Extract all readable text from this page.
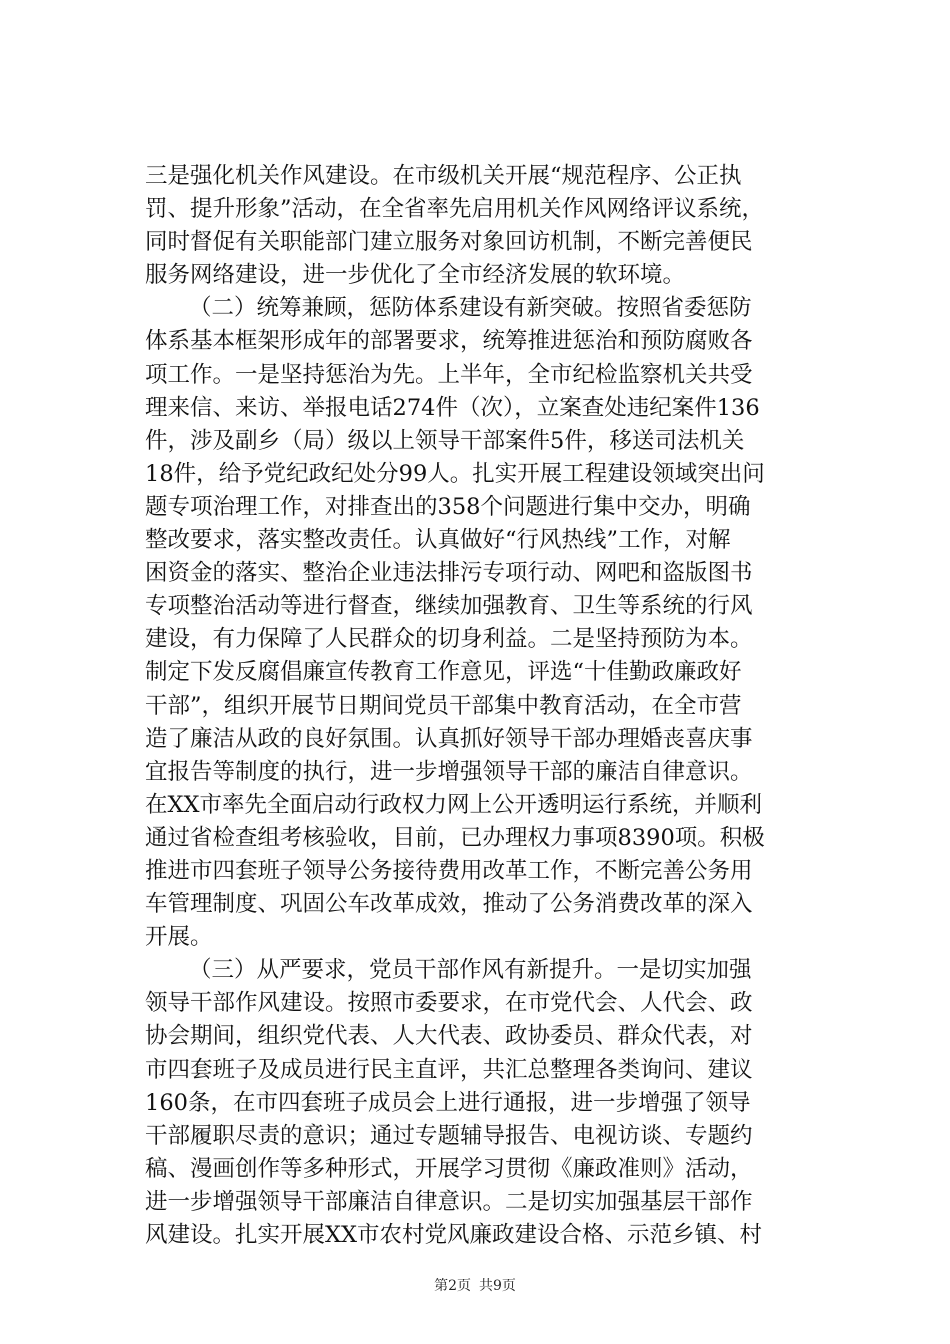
三是强化机关作风建设。在市级机关开展“规范程序、公正执
罚、提升形象”活动，在全省率先启用机关作风网络评议系统，
同时督促有关职能部门建立服务对象回访机制，不断完善便民
服务网络建设，进一步优化了全市经济发展的软环境。
（二）统筹兼顾，惩防体系建设有新突破。按照省委惩防
体系基本框架形成年的部署要求，统筹推进惩治和预防腐败各
项工作。一是坚持惩治为先。上半年，全市纪检监察机关共受
理来信、来访、举报电话274件（次），立案查处违纪案件136
件，涉及副乡（局）级以上领导干部案件5件，移送司法机关
18件，给予党纪政纪处分99人。扎实开展工程建设领域突出问
题专项治理工作，对排查出的358个问题进行集中交办，明确
整改要求，落实整改责任。认真做好“行风热线”工作，对解
困资金的落实、整治企业违法排污专项行动、网吧和盗版图书
专项整治活动等进行督查，继续加强教育、卫生等系统的行风
建设，有力保障了人民群众的切身利益。二是坚持预防为本。
制定下发反腐倡廉宣传教育工作意见，评选“十佳勤政廉政好
干部”，组织开展节日期间党员干部集中教育活动，在全市营
造了廉洁从政的良好氛围。认真抓好领导干部办理婚丧喜庆事
宜报告等制度的执行，进一步增强领导干部的廉洁自律意识。
在XX市率先全面启动行政权力网上公开透明运行系统，并顺利
通过省检查组考核验收，目前，已办理权力事项8390项。积极
推进市四套班子领导公务接待费用改革工作，不断完善公务用
车管理制度、巩固公车改革成效，推动了公务消费改革的深入
开展。
（三）从严要求，党员干部作风有新提升。一是切实加强
领导干部作风建设。按照市委要求，在市党代会、人代会、政
协会期间，组织党代表、人大代表、政协委员、群众代表，对
市四套班子及成员进行民主直评，共汇总整理各类询问、建议
160条，在市四套班子成员会上进行通报，进一步增强了领导
干部履职尽责的意识；通过专题辅导报告、电视访谈、专题约
稿、漫画创作等多种形式，开展学习贯彻《廉政准则》活动，
进一步增强领导干部廉洁自律意识。二是切实加强基层干部作
风建设。扎实开展XX市农村党风廉政建设合格、示范乡镇、村
第2页 共9页
